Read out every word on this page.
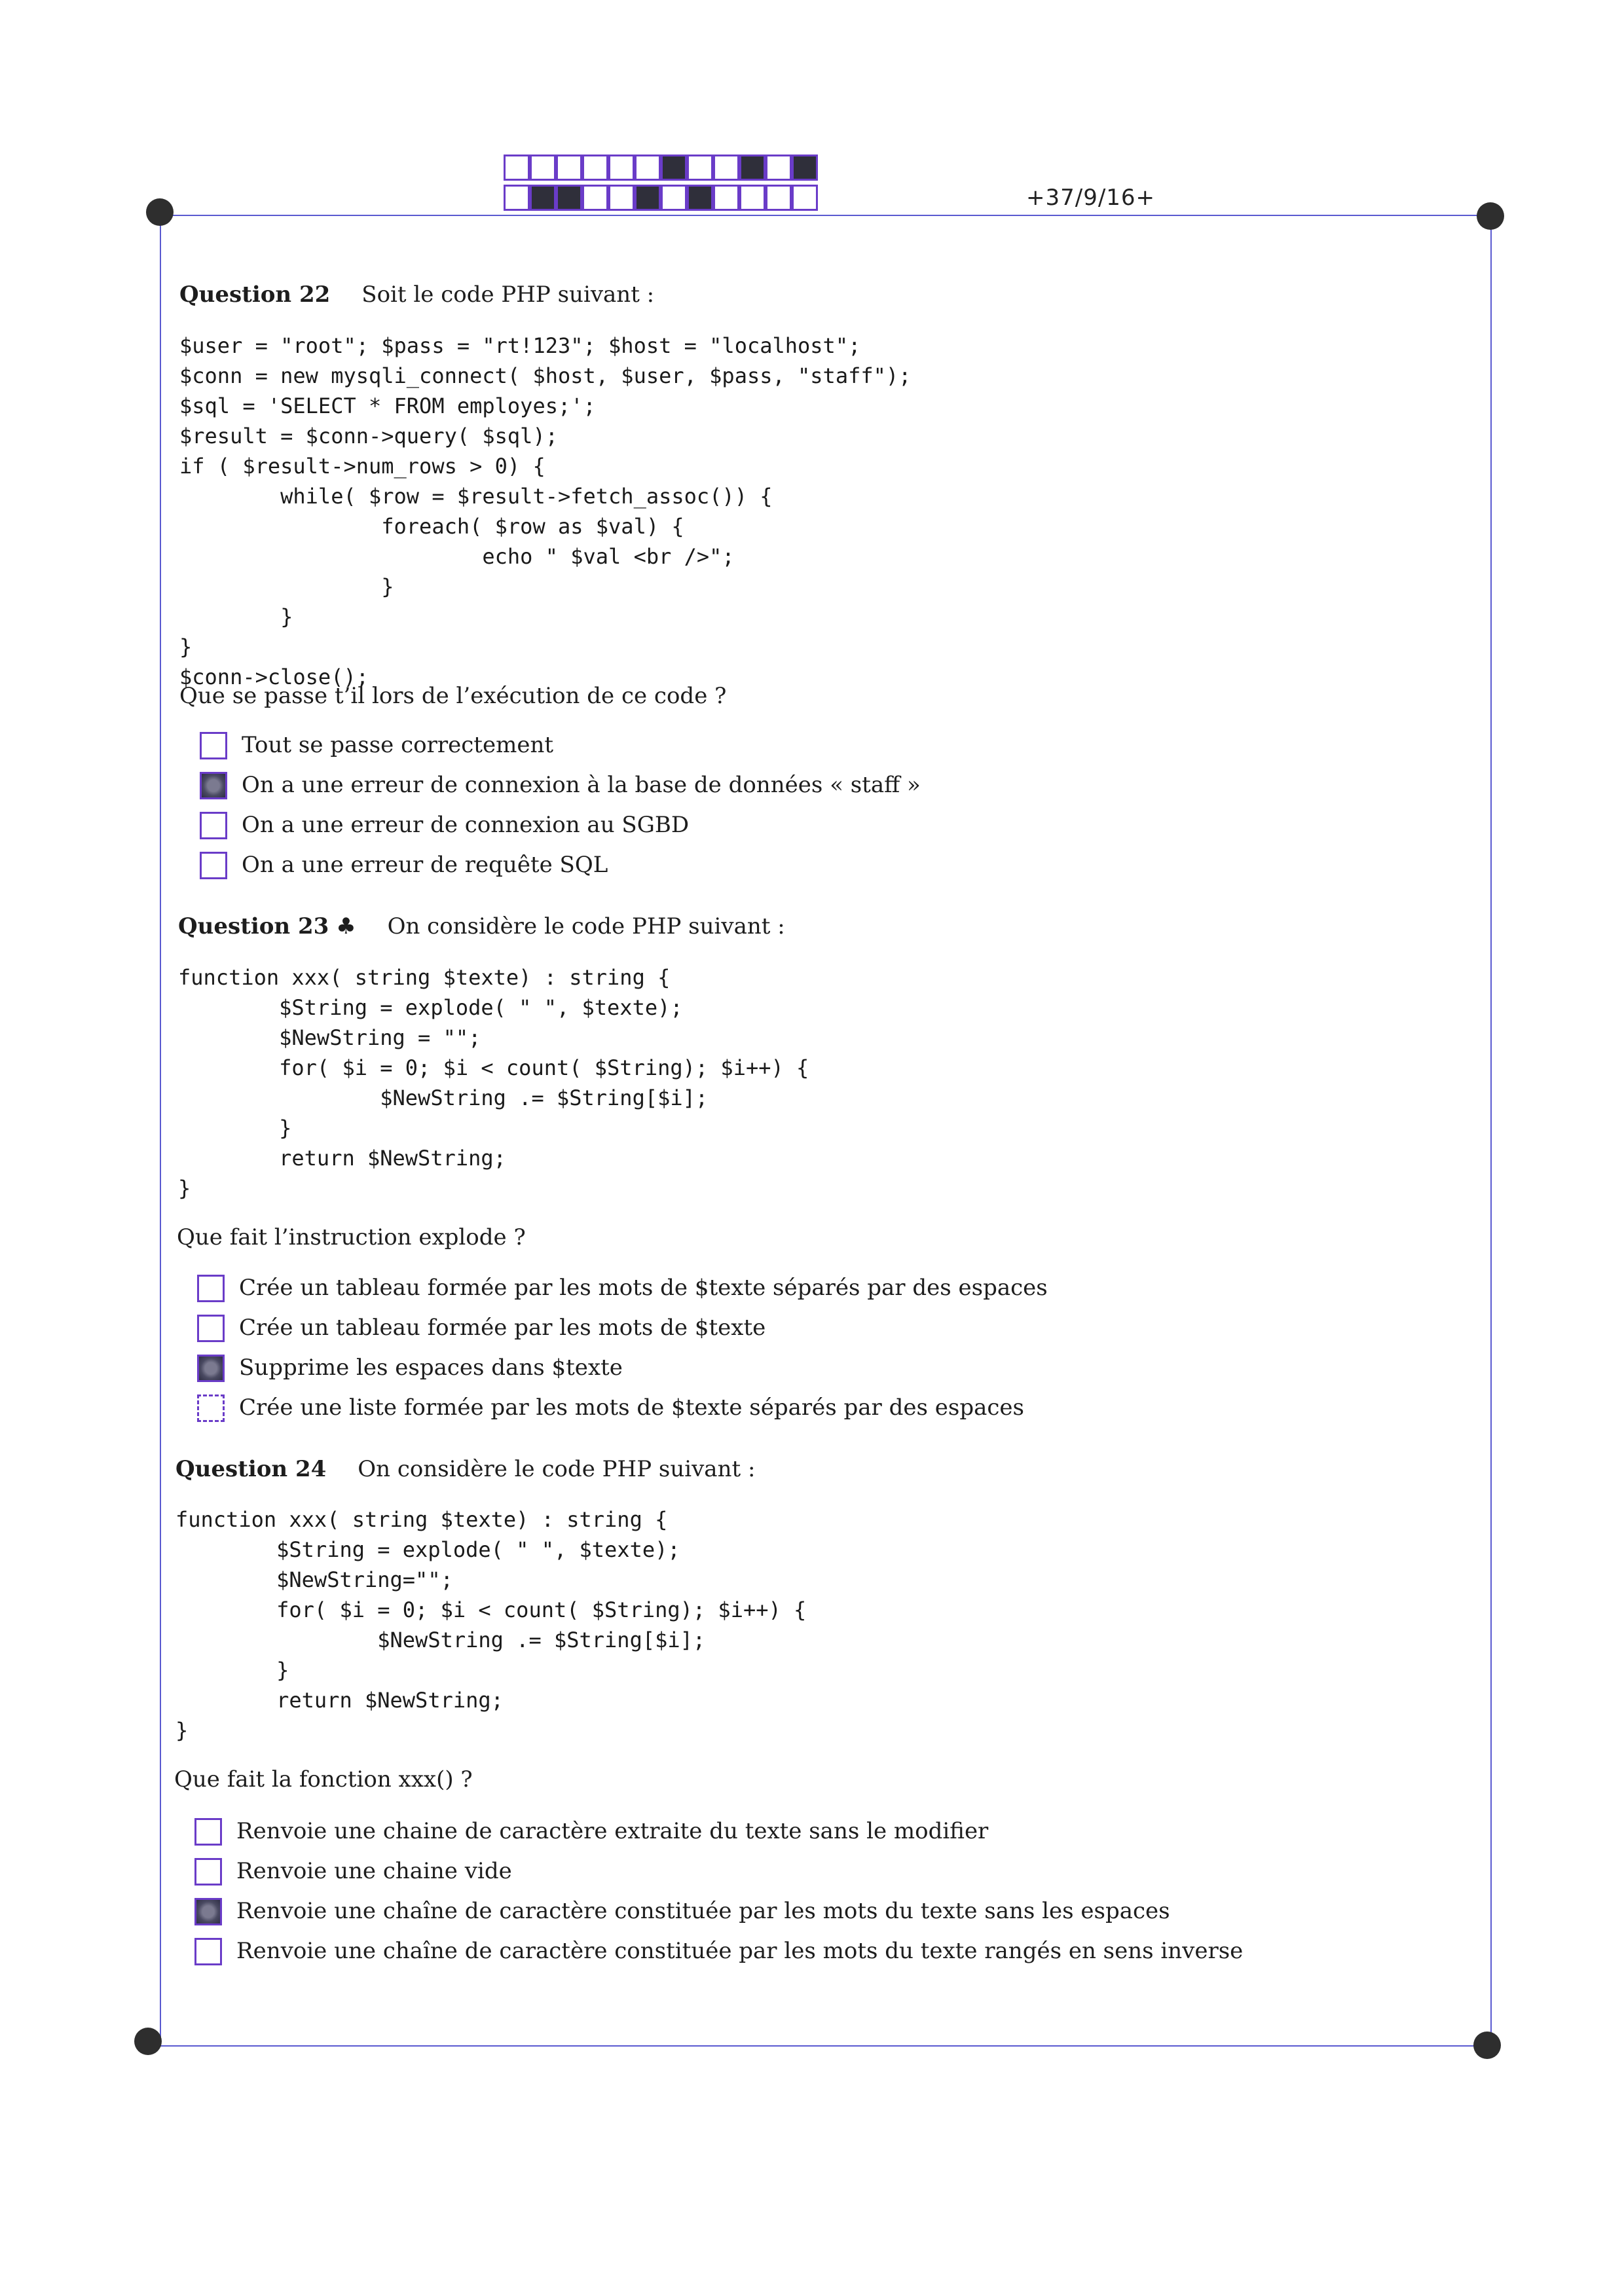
+37/9/16+
Question 22 Soit le code PHP suivant :
$user = "root"; $pass = "rt!123"; $host = "localhost";
$conn = new mysqli_connect( $host, $user, $pass, "staff");
$sql = 'SELECT * FROM employes;';
$result = $conn->query( $sql);
if ( $result->num_rows > 0) {
while( $row = $result->fetch_assoc()) {
foreach( $row as $val) {
echo " $val <br />";
}
}
}
$conn->close();
Que se passe t’il lors de l’exécution de ce code ?
Tout se passe correctement
On a une erreur de connexion à la base de données « staff »
On a une erreur de connexion au SGBD
On a une erreur de requête SQL
Question 23 ♣ On considère le code PHP suivant :
function xxx( string $texte) : string {
$String = explode( " ", $texte);
$NewString = "";
for( $i = 0; $i < count( $String); $i++) {
$NewString .= $String[$i];
}
return $NewString;
}
Que fait l’instruction explode ?
Crée un tableau formée par les mots de $texte séparés par des espaces
Crée un tableau formée par les mots de $texte
Supprime les espaces dans $texte
Crée une liste formée par les mots de $texte séparés par des espaces
Question 24 On considère le code PHP suivant :
function xxx( string $texte) : string {
$String = explode( " ", $texte);
$NewString="";
for( $i = 0; $i < count( $String); $i++) {
$NewString .= $String[$i];
}
return $NewString;
}
Que fait la fonction xxx() ?
Renvoie une chaine de caractère extraite du texte sans le modifier
Renvoie une chaine vide
Renvoie une chaîne de caractère constituée par les mots du texte sans les espaces
Renvoie une chaîne de caractère constituée par les mots du texte rangés en sens inverse
